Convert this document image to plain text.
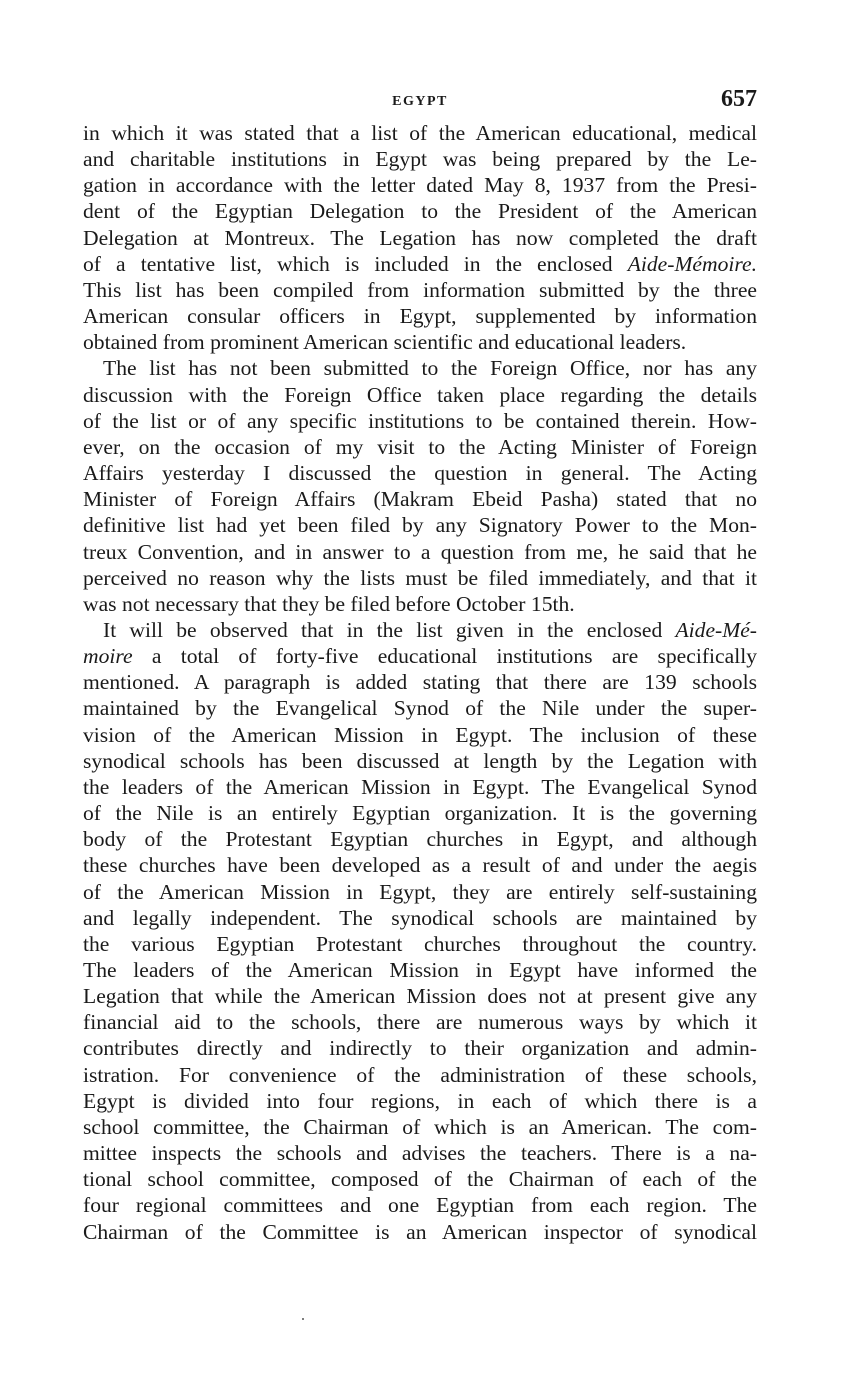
EGYPT	657

in which it was stated that a list of the American educational, medical
and charitable institutions in Egypt was being prepared by the Le-
gation in accordance with the letter dated May 8, 1937 from the Presi-
dent of the Egyptian Delegation to the President of the American
Delegation at Montreux. The Legation has now completed the draft
of a tentative list, which is included in the enclosed Aide-Mémoire.
This list has been compiled from information submitted by the three
American consular officers in Egypt, supplemented by information
obtained from prominent American scientific and educational leaders.

The list has not been submitted to the Foreign Office, nor has any
discussion with the Foreign Office taken place regarding the details
of the list or of any specific institutions to be contained therein. How-
ever, on the occasion of my visit to the Acting Minister of Foreign
Affairs yesterday I discussed the question in general. The Acting
Minister of Foreign Affairs (Makram Ebeid Pasha) stated that no
definitive list had yet been filed by any Signatory Power to the Mon-
treux Convention, and in answer to a question from me, he said that he
perceived no reason why the lists must be filed immediately, and that it
was not necessary that they be filed before October 15th.

It will be observed that in the list given in the enclosed Aide-Mé-
moire a total of forty-five educational institutions are specifically
mentioned. A paragraph is added stating that there are 139 schools
maintained by the Evangelical Synod of the Nile under the super-
vision of the American Mission in Egypt. The inclusion of these
synodical schools has been discussed at length by the Legation with
the leaders of the American Mission in Egypt. The Evangelical Synod
of the Nile is an entirely Egyptian organization. It is the governing
body of the Protestant Egyptian churches in Egypt, and although
these churches have been developed as a result of and under the aegis
of the American Mission in Egypt, they are entirely self-sustaining
and legally independent. The synodical schools are maintained by
the various Egyptian Protestant churches throughout the country.
The leaders of the American Mission in Egypt have informed the
Legation that while the American Mission does not at present give any
financial aid to the schools, there are numerous ways by which it
contributes directly and indirectly to their organization and admin-
istration. For convenience of the administration of these schools,
Egypt is divided into four regions, in each of which there is a
school committee, the Chairman of which is an American. The com-
mittee inspects the schools and advises the teachers. There is a na-
tional school committee, composed of the Chairman of each of the
four regional committees and one Egyptian from each region. The
Chairman of the Committee is an American inspector of synodical
